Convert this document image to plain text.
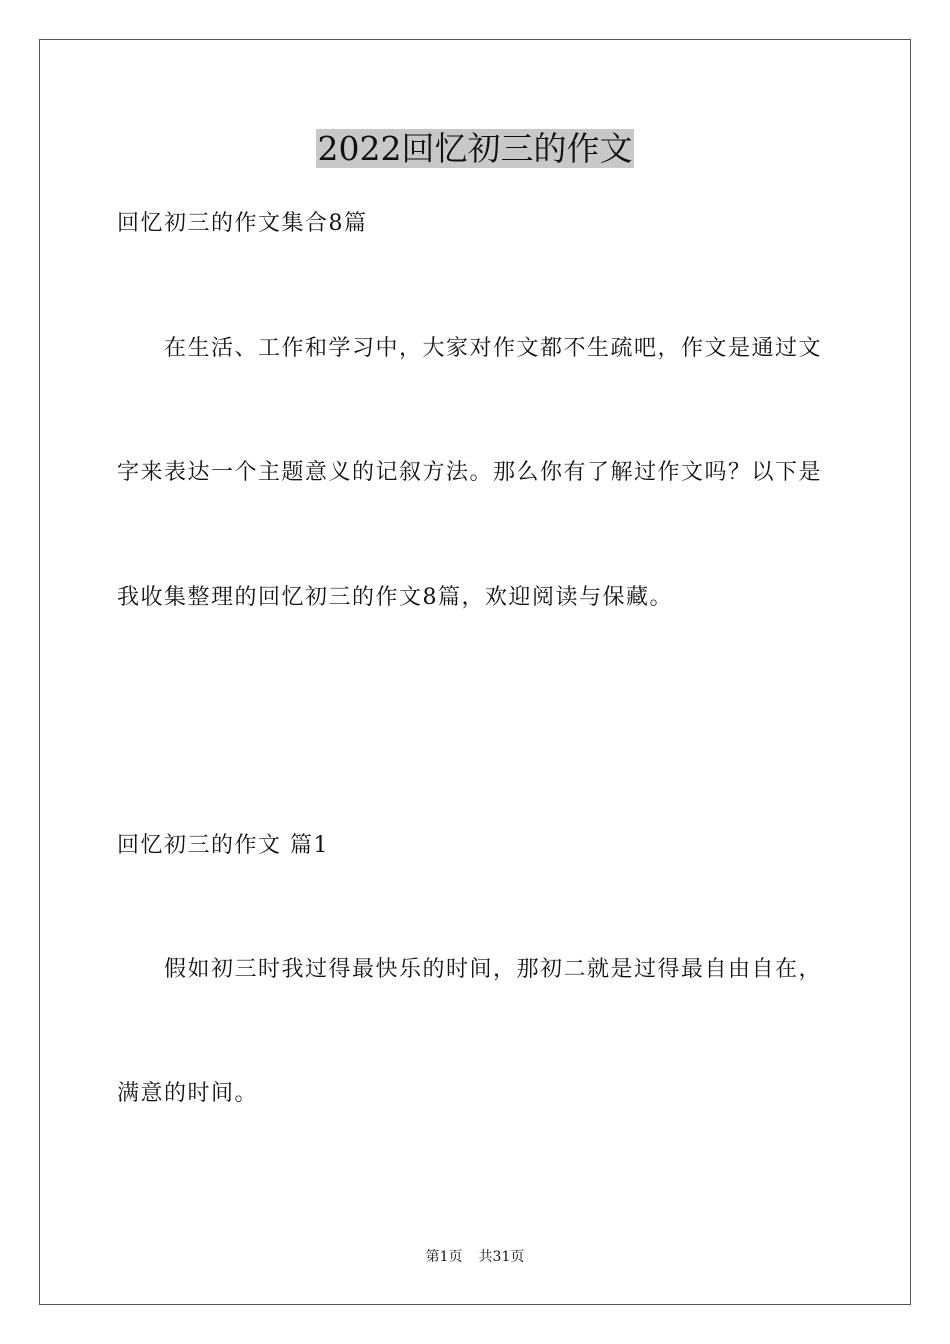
2022回忆初三的作文
回忆初三的作文集合8篇
在生活、工作和学习中，大家对作文都不生疏吧，作文是通过文
字来表达一个主题意义的记叙方法。那么你有了解过作文吗？以下是
我收集整理的回忆初三的作文8篇，欢迎阅读与保藏。
回忆初三的作文 篇1
假如初三时我过得最快乐的时间，那初二就是过得最自由自在，
满意的时间。
第1页 共31页
